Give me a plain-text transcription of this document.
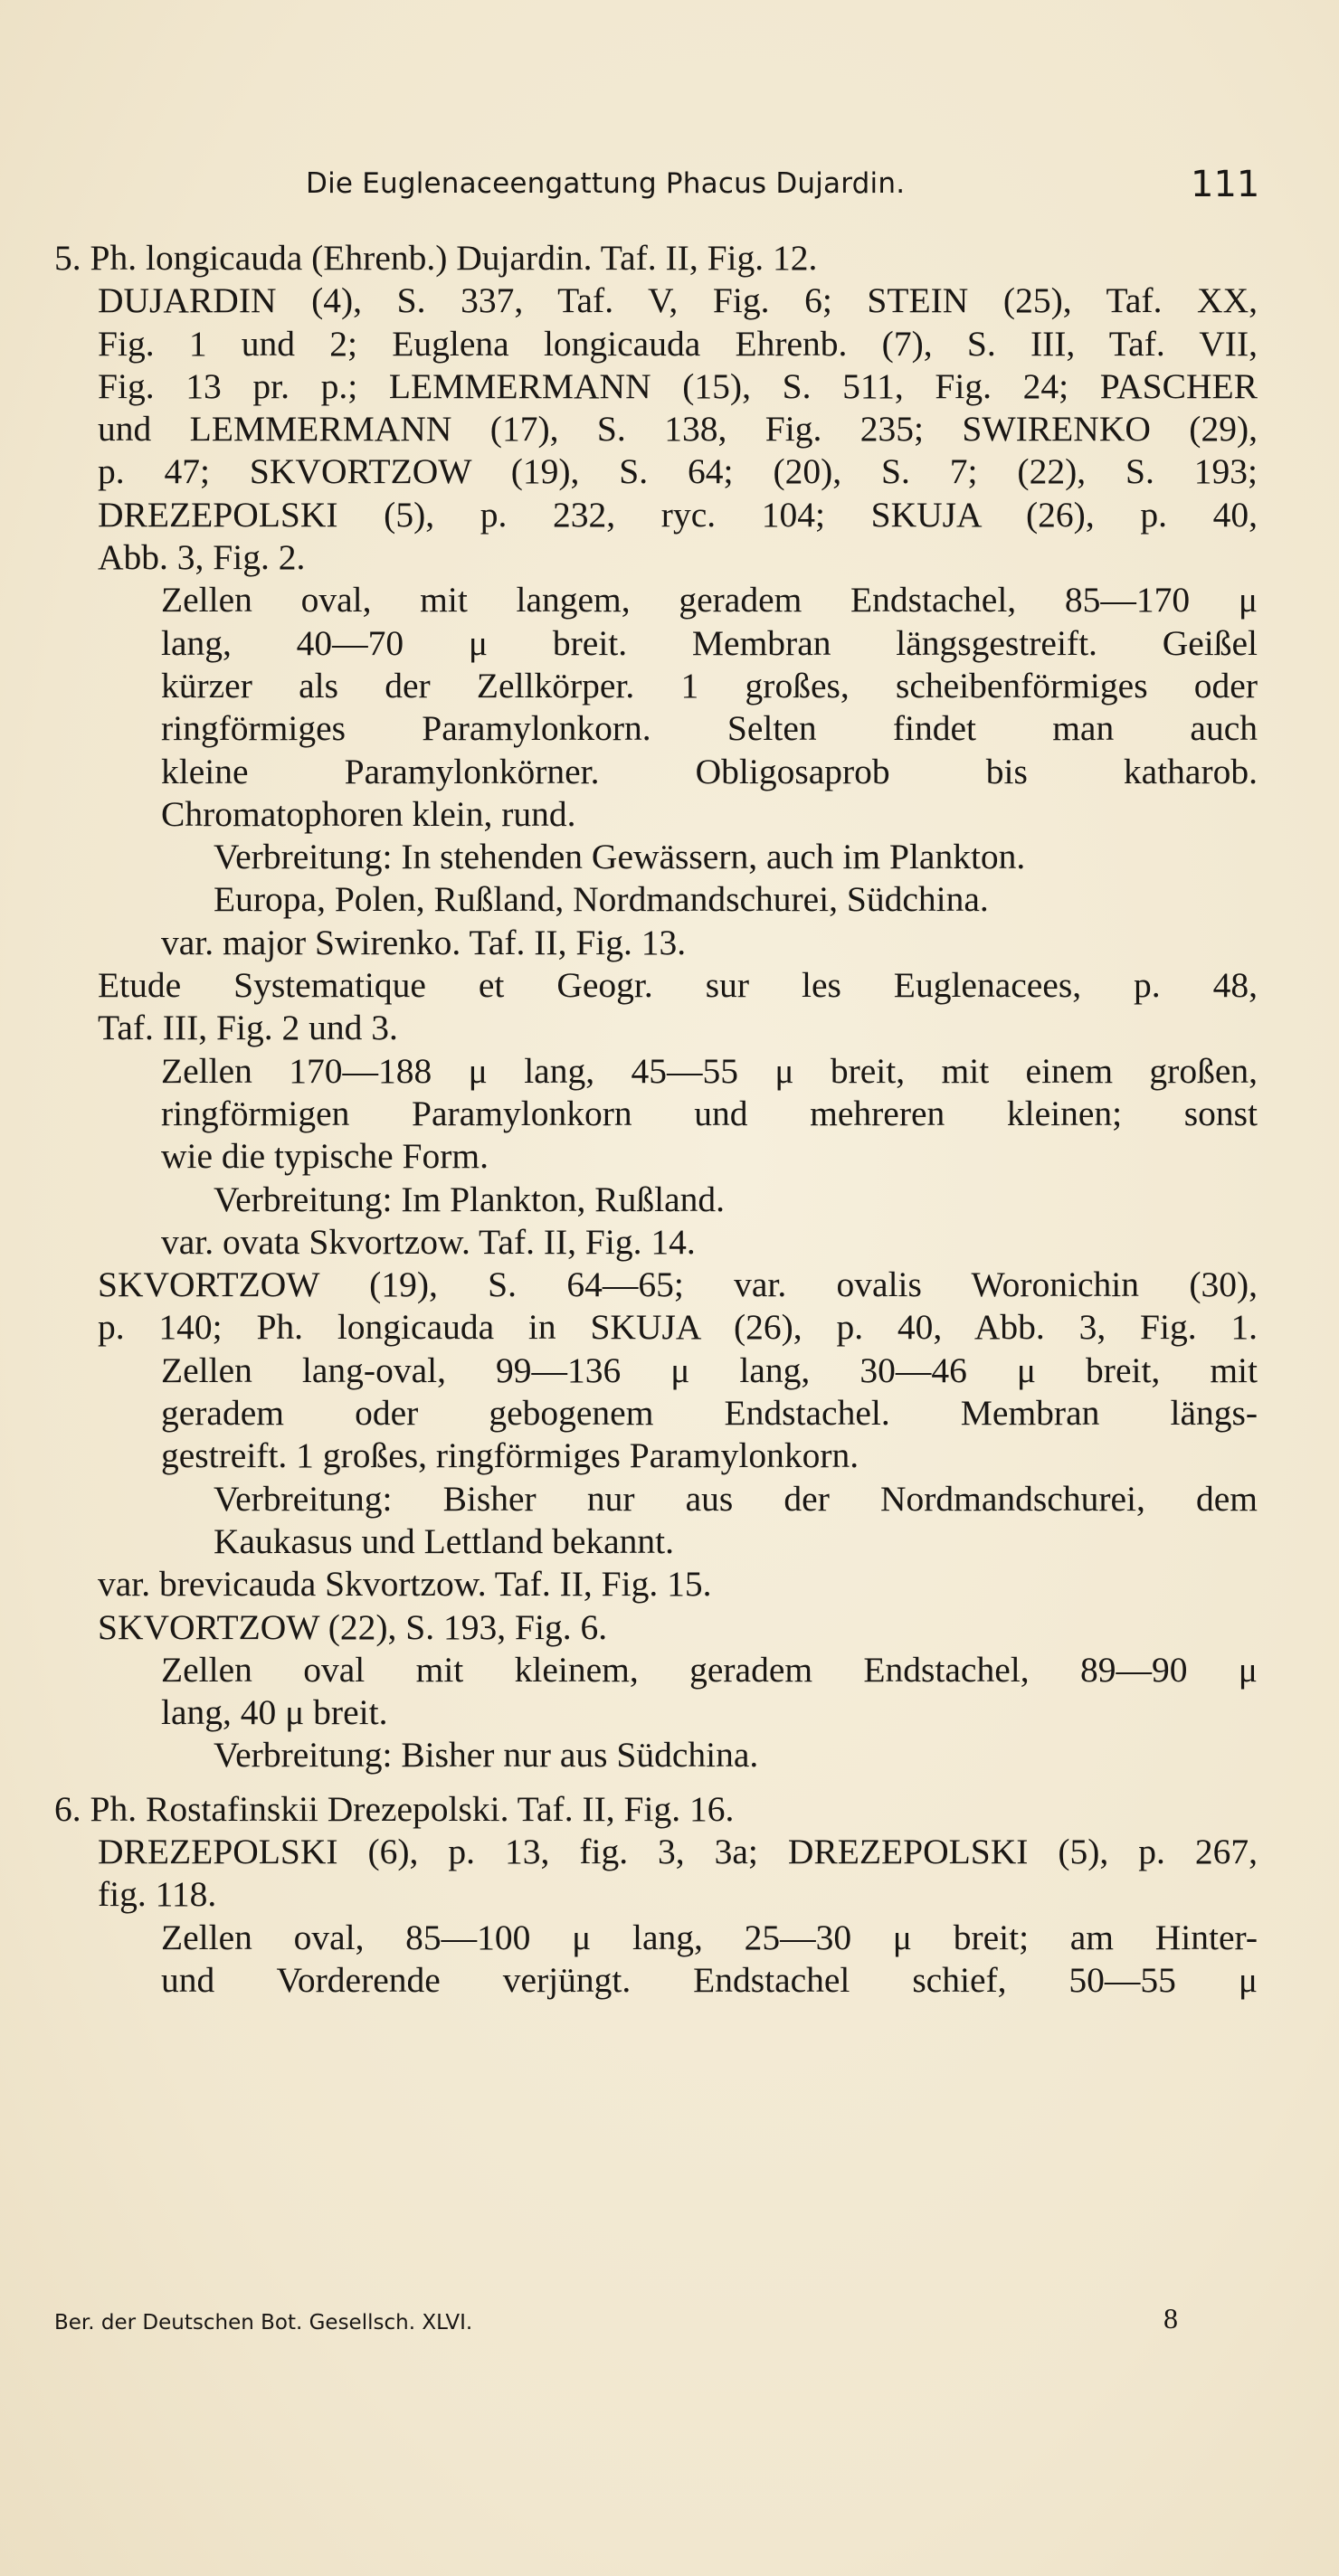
Die Euglenaceengattung Phacus Dujardin.	111
5. Ph. longicauda (Ehrenb.) Dujardin. Taf. II, Fig. 12.
DUJARDIN (4), S. 337, Taf. V, Fig. 6; STEIN (25), Taf. XX,
Fig. 1 und 2; Euglena longicauda Ehrenb. (7), S. III, Taf. VII,
Fig. 13 pr. p.; LEMMERMANN (15), S. 511, Fig. 24; PASCHER
und LEMMERMANN (17), S. 138, Fig. 235; SWIRENKO (29),
p. 47; SKVORTZOW (19), S. 64; (20), S. 7; (22), S. 193;
DREZEPOLSKI (5), p. 232, ryc. 104; SKUJA (26), p. 40,
Abb. 3, Fig. 2.
Zellen oval, mit langem, geradem Endstachel, 85—170 μ
lang, 40—70 μ breit. Membran längsgestreift. Geißel
kürzer als der Zellkörper. 1 großes, scheibenförmiges oder
ringförmiges Paramylonkorn. Selten findet man auch
kleine Paramylonkörner. Obligosaprob bis katharob.
Chromatophoren klein, rund.
Verbreitung: In stehenden Gewässern, auch im Plankton.
Europa, Polen, Rußland, Nordmandschurei, Südchina.
var. major Swirenko. Taf. II, Fig. 13.
Etude Systematique et Geogr. sur les Euglenacees, p. 48,
Taf. III, Fig. 2 und 3.
Zellen 170—188 μ lang, 45—55 μ breit, mit einem großen,
ringförmigen Paramylonkorn und mehreren kleinen; sonst
wie die typische Form.
Verbreitung: Im Plankton, Rußland.
var. ovata Skvortzow. Taf. II, Fig. 14.
SKVORTZOW (19), S. 64—65; var. ovalis Woronichin (30),
p. 140; Ph. longicauda in SKUJA (26), p. 40, Abb. 3, Fig. 1.
Zellen lang-oval, 99—136 μ lang, 30—46 μ breit, mit
geradem oder gebogenem Endstachel. Membran längs-
gestreift. 1 großes, ringförmiges Paramylonkorn.
Verbreitung: Bisher nur aus der Nordmandschurei, dem
Kaukasus und Lettland bekannt.
var. brevicauda Skvortzow. Taf. II, Fig. 15.
SKVORTZOW (22), S. 193, Fig. 6.
Zellen oval mit kleinem, geradem Endstachel, 89—90 μ
lang, 40 μ breit.
Verbreitung: Bisher nur aus Südchina.
6. Ph. Rostafinskii Drezepolski. Taf. II, Fig. 16.
DREZEPOLSKI (6), p. 13, fig. 3, 3a; DREZEPOLSKI (5), p. 267,
fig. 118.
Zellen oval, 85—100 μ lang, 25—30 μ breit; am Hinter-
und Vorderende verjüngt. Endstachel schief, 50—55 μ
Ber. der Deutschen Bot. Gesellsch. XLVI.	8
